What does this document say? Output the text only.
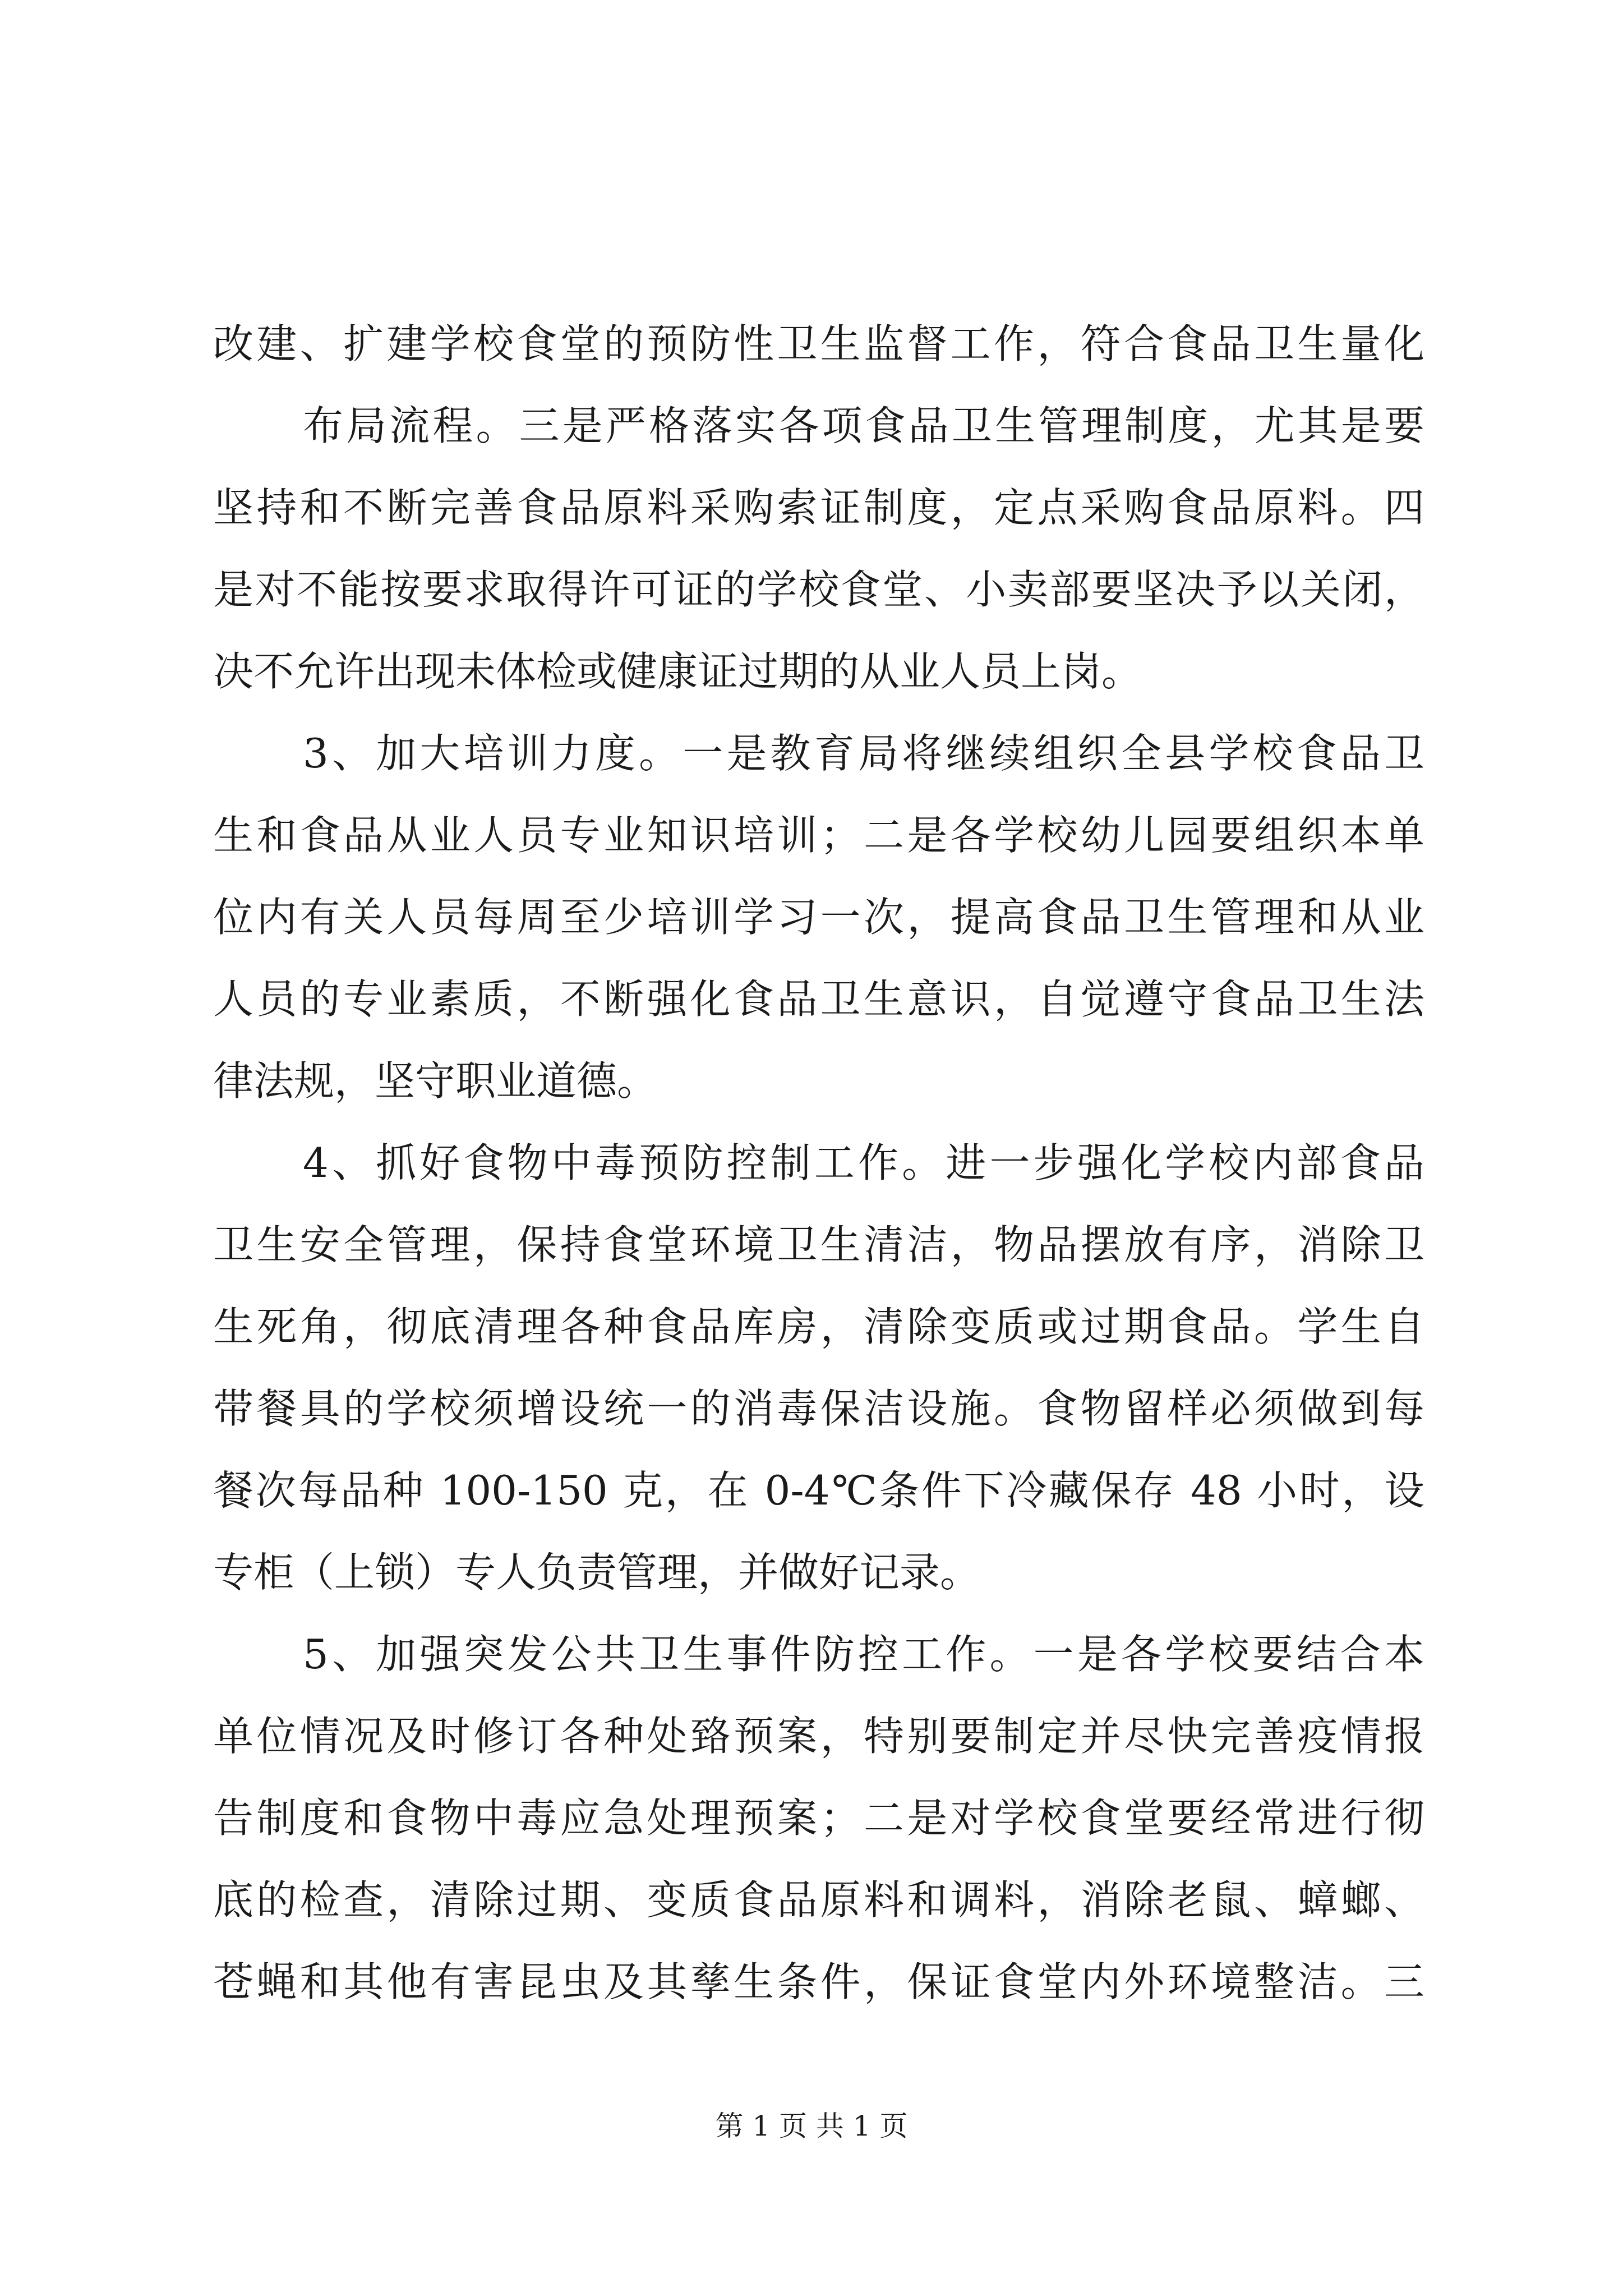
改建、扩建学校食堂的预防性卫生监督工作，符合食品卫生量化
布局流程。三是严格落实各项食品卫生管理制度，尤其是要
坚持和不断完善食品原料采购索证制度，定点采购食品原料。四
是对不能按要求取得许可证的学校食堂、小卖部要坚决予以关闭，
决不允许出现未体检或健康证过期的从业人员上岗。
3、加大培训力度。一是教育局将继续组织全县学校食品卫
生和食品从业人员专业知识培训；二是各学校幼儿园要组织本单
位内有关人员每周至少培训学习一次，提高食品卫生管理和从业
人员的专业素质，不断强化食品卫生意识，自觉遵守食品卫生法
律法规，坚守职业道德。
4、抓好食物中毒预防控制工作。进一步强化学校内部食品
卫生安全管理，保持食堂环境卫生清洁，物品摆放有序，消除卫
生死角，彻底清理各种食品库房，清除变质或过期食品。学生自
带餐具的学校须增设统一的消毒保洁设施。食物留样必须做到每
餐次每品种 100-150 克，在 0-4℃条件下冷藏保存 48 小时，设
专柜（上锁）专人负责管理，并做好记录。
5、加强突发公共卫生事件防控工作。一是各学校要结合本
单位情况及时修订各种处臵预案，特别要制定并尽快完善疫情报
告制度和食物中毒应急处理预案；二是对学校食堂要经常进行彻
底的检查，清除过期、变质食品原料和调料，消除老鼠、蟑螂、
苍蝇和其他有害昆虫及其孳生条件，保证食堂内外环境整洁。三
第 1 页 共 1 页
